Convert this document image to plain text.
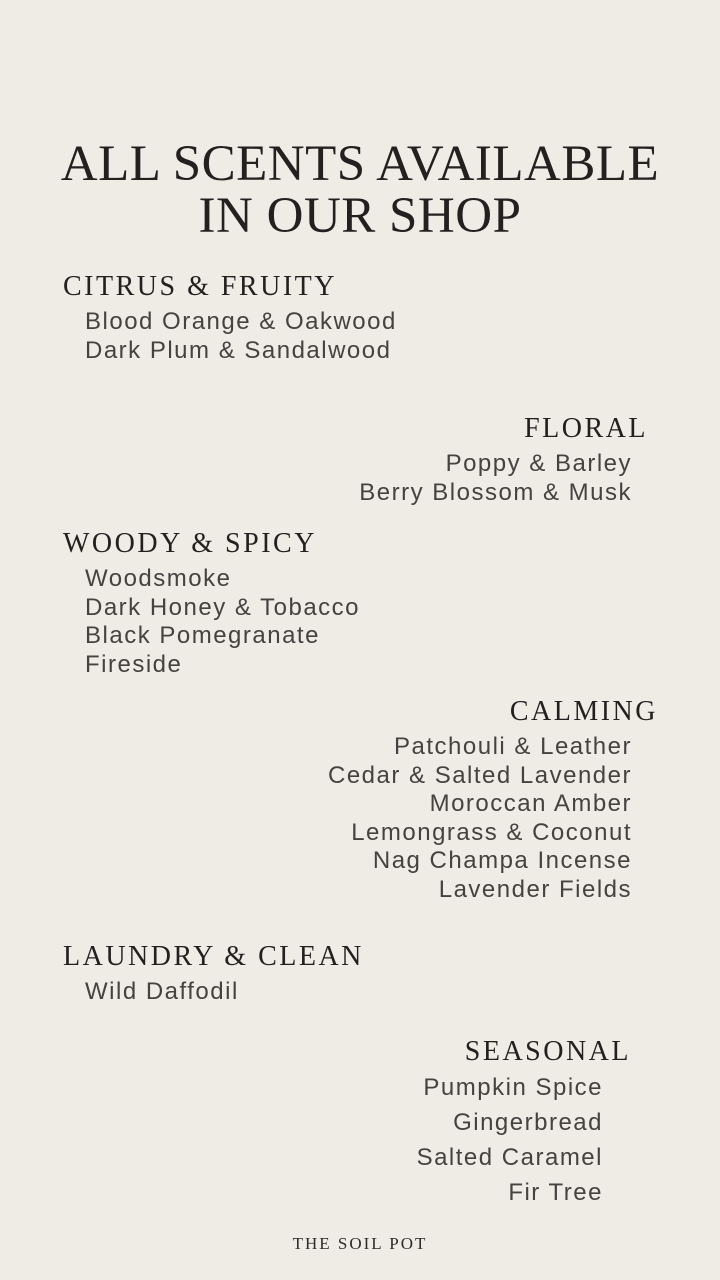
ALL SCENTS AVAILABLE
IN OUR SHOP
CITRUS & FRUITY
Blood Orange & Oakwood
Dark Plum & Sandalwood
FLORAL
Poppy & Barley
Berry Blossom & Musk
WOODY & SPICY
Woodsmoke
Dark Honey & Tobacco
Black Pomegranate
Fireside
CALMING
Patchouli & Leather
Cedar & Salted Lavender
Moroccan Amber
Lemongrass & Coconut
Nag Champa Incense
Lavender Fields
LAUNDRY & CLEAN
Wild Daffodil
SEASONAL
Pumpkin Spice
Gingerbread
Salted Caramel
Fir Tree
THE SOIL POT
